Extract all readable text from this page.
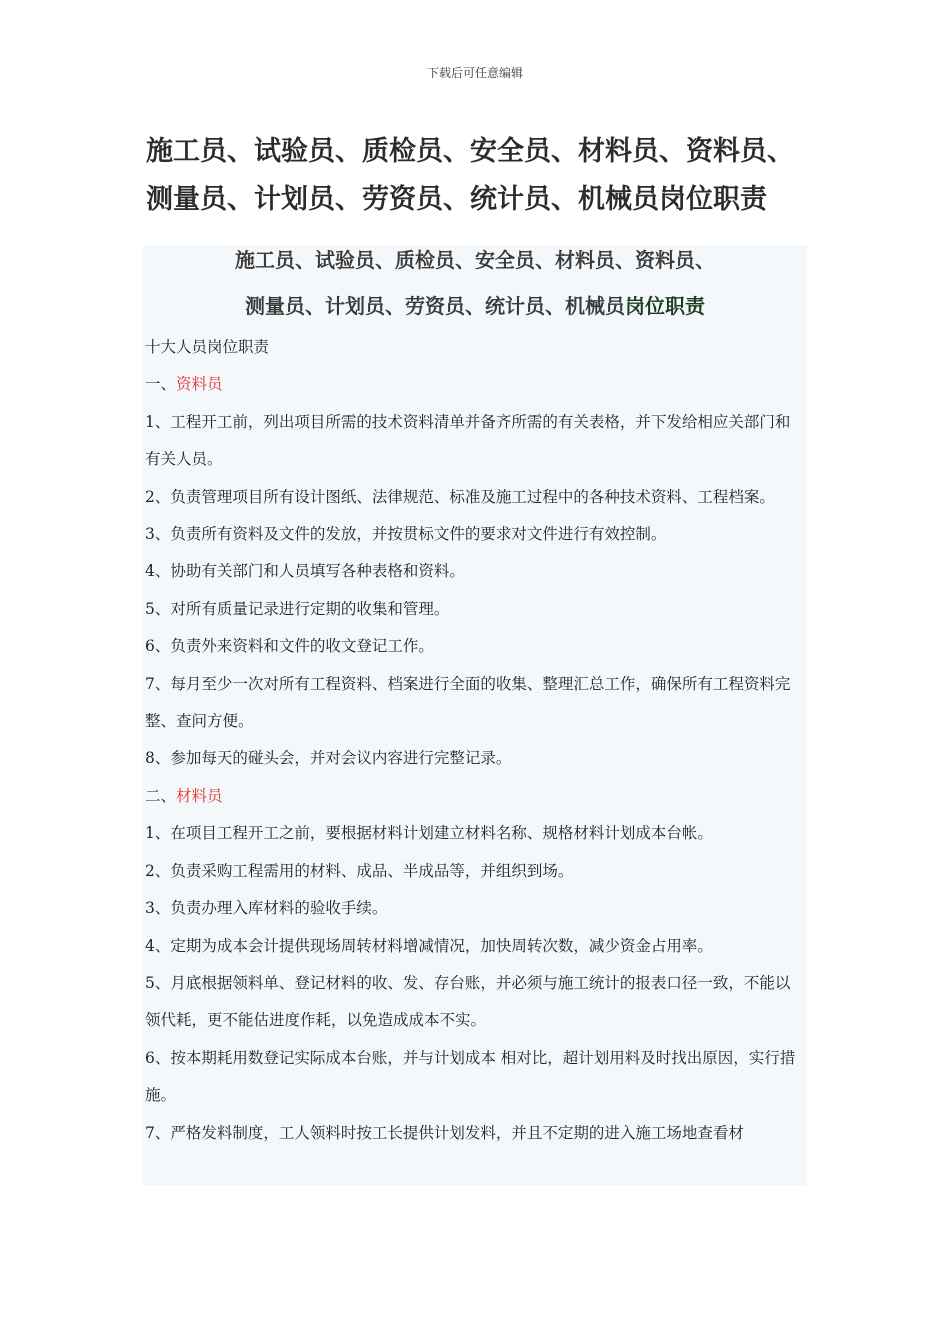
下载后可任意编辑
施工员、试验员、质检员、安全员、材料员、资料员、
测量员、计划员、劳资员、统计员、机械员岗位职责
施工员、试验员、质检员、安全员、材料员、资料员、
测量员、计划员、劳资员、统计员、机械员岗位职责
十大人员岗位职责
一、资料员
1、工程开工前，列出项目所需的技术资料清单并备齐所需的有关表格，并下发给相应关部门和有关人员。
2、负责管理项目所有设计图纸、法律规范、标准及施工过程中的各种技术资料、工程档案。
3、负责所有资料及文件的发放，并按贯标文件的要求对文件进行有效控制。
4、协助有关部门和人员填写各种表格和资料。
5、对所有质量记录进行定期的收集和管理。
6、负责外来资料和文件的收文登记工作。
7、每月至少一次对所有工程资料、档案进行全面的收集、整理汇总工作，确保所有工程资料完整、查问方便。
8、参加每天的碰头会，并对会议内容进行完整记录。
二、材料员
1、在项目工程开工之前，要根据材料计划建立材料名称、规格材料计划成本台帐。
2、负责采购工程需用的材料、成品、半成品等，并组织到场。
3、负责办理入库材料的验收手续。
4、定期为成本会计提供现场周转材料增减情况，加快周转次数，减少资金占用率。
5、月底根据领料单、登记材料的收、发、存台账，并必须与施工统计的报表口径一致，不能以领代耗，更不能估进度作耗，以免造成成本不实。
6、按本期耗用数登记实际成本台账，并与计划成本 相对比，超计划用料及时找出原因，实行措施。
7、严格发料制度，工人领料时按工长提供计划发料，并且不定期的进入施工场地查看材
